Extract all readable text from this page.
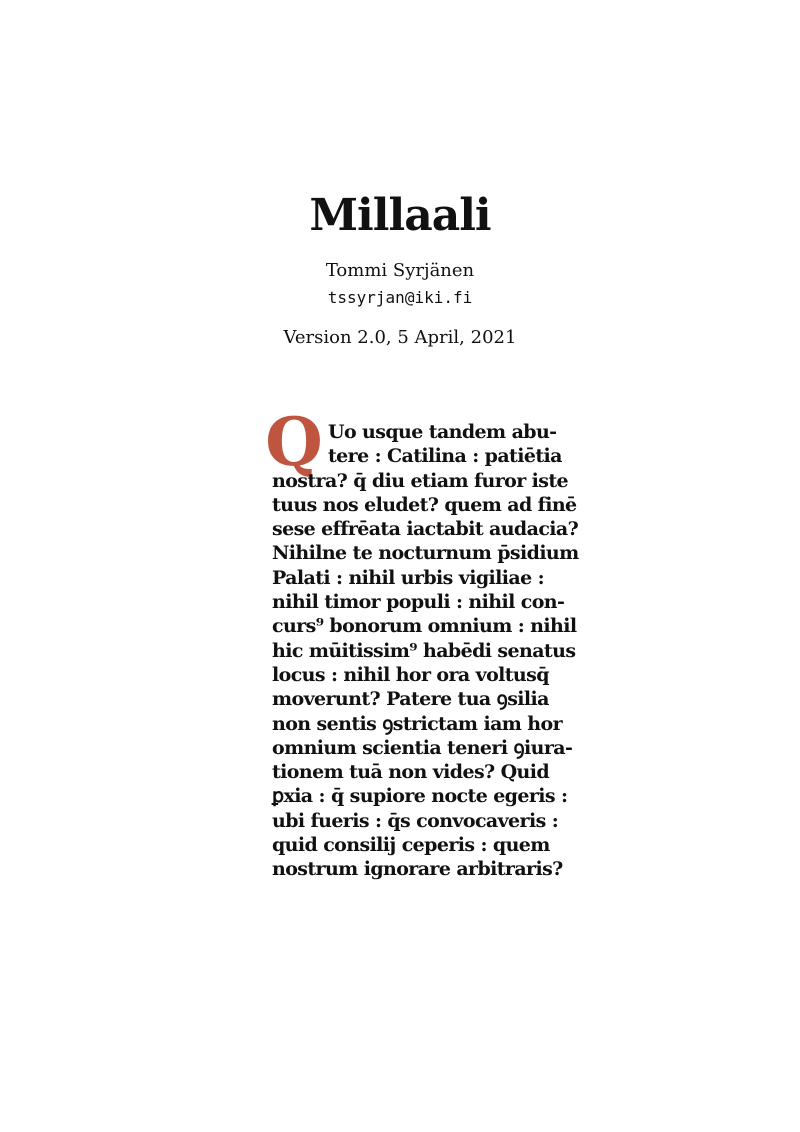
Millaali
Tommi Syrjänen
tssyrjan@iki.fi
Version 2.0, 5 April, 2021
Q Uo usque tandem abu-
tere : Catilina : patiētia
nostra? q̄ diu etiam furor iste
tuus nos eludet? quem ad finē
sese effrēata iactabit audacia?
Nihilne te nocturnum p̄sidium
Palati : nihil urbis vigiliae :
nihil timor populi : nihil con-
curs⁹ bonorum omnium : nihil
hic mūitissim⁹ habēdi senatus
locus : nihil hor ora voltusq̄
moverunt? Patere tua ꝯsilia
non sentis ꝯstrictam iam hor
omnium scientia teneri ꝯiura-
tionem tuā non vides? Quid
ꝑxia : q̄ supiore nocte egeris :
ubi fueris : q̄s convocaveris :
quid consilij ceperis : quem
nostrum ignorare arbitraris?
